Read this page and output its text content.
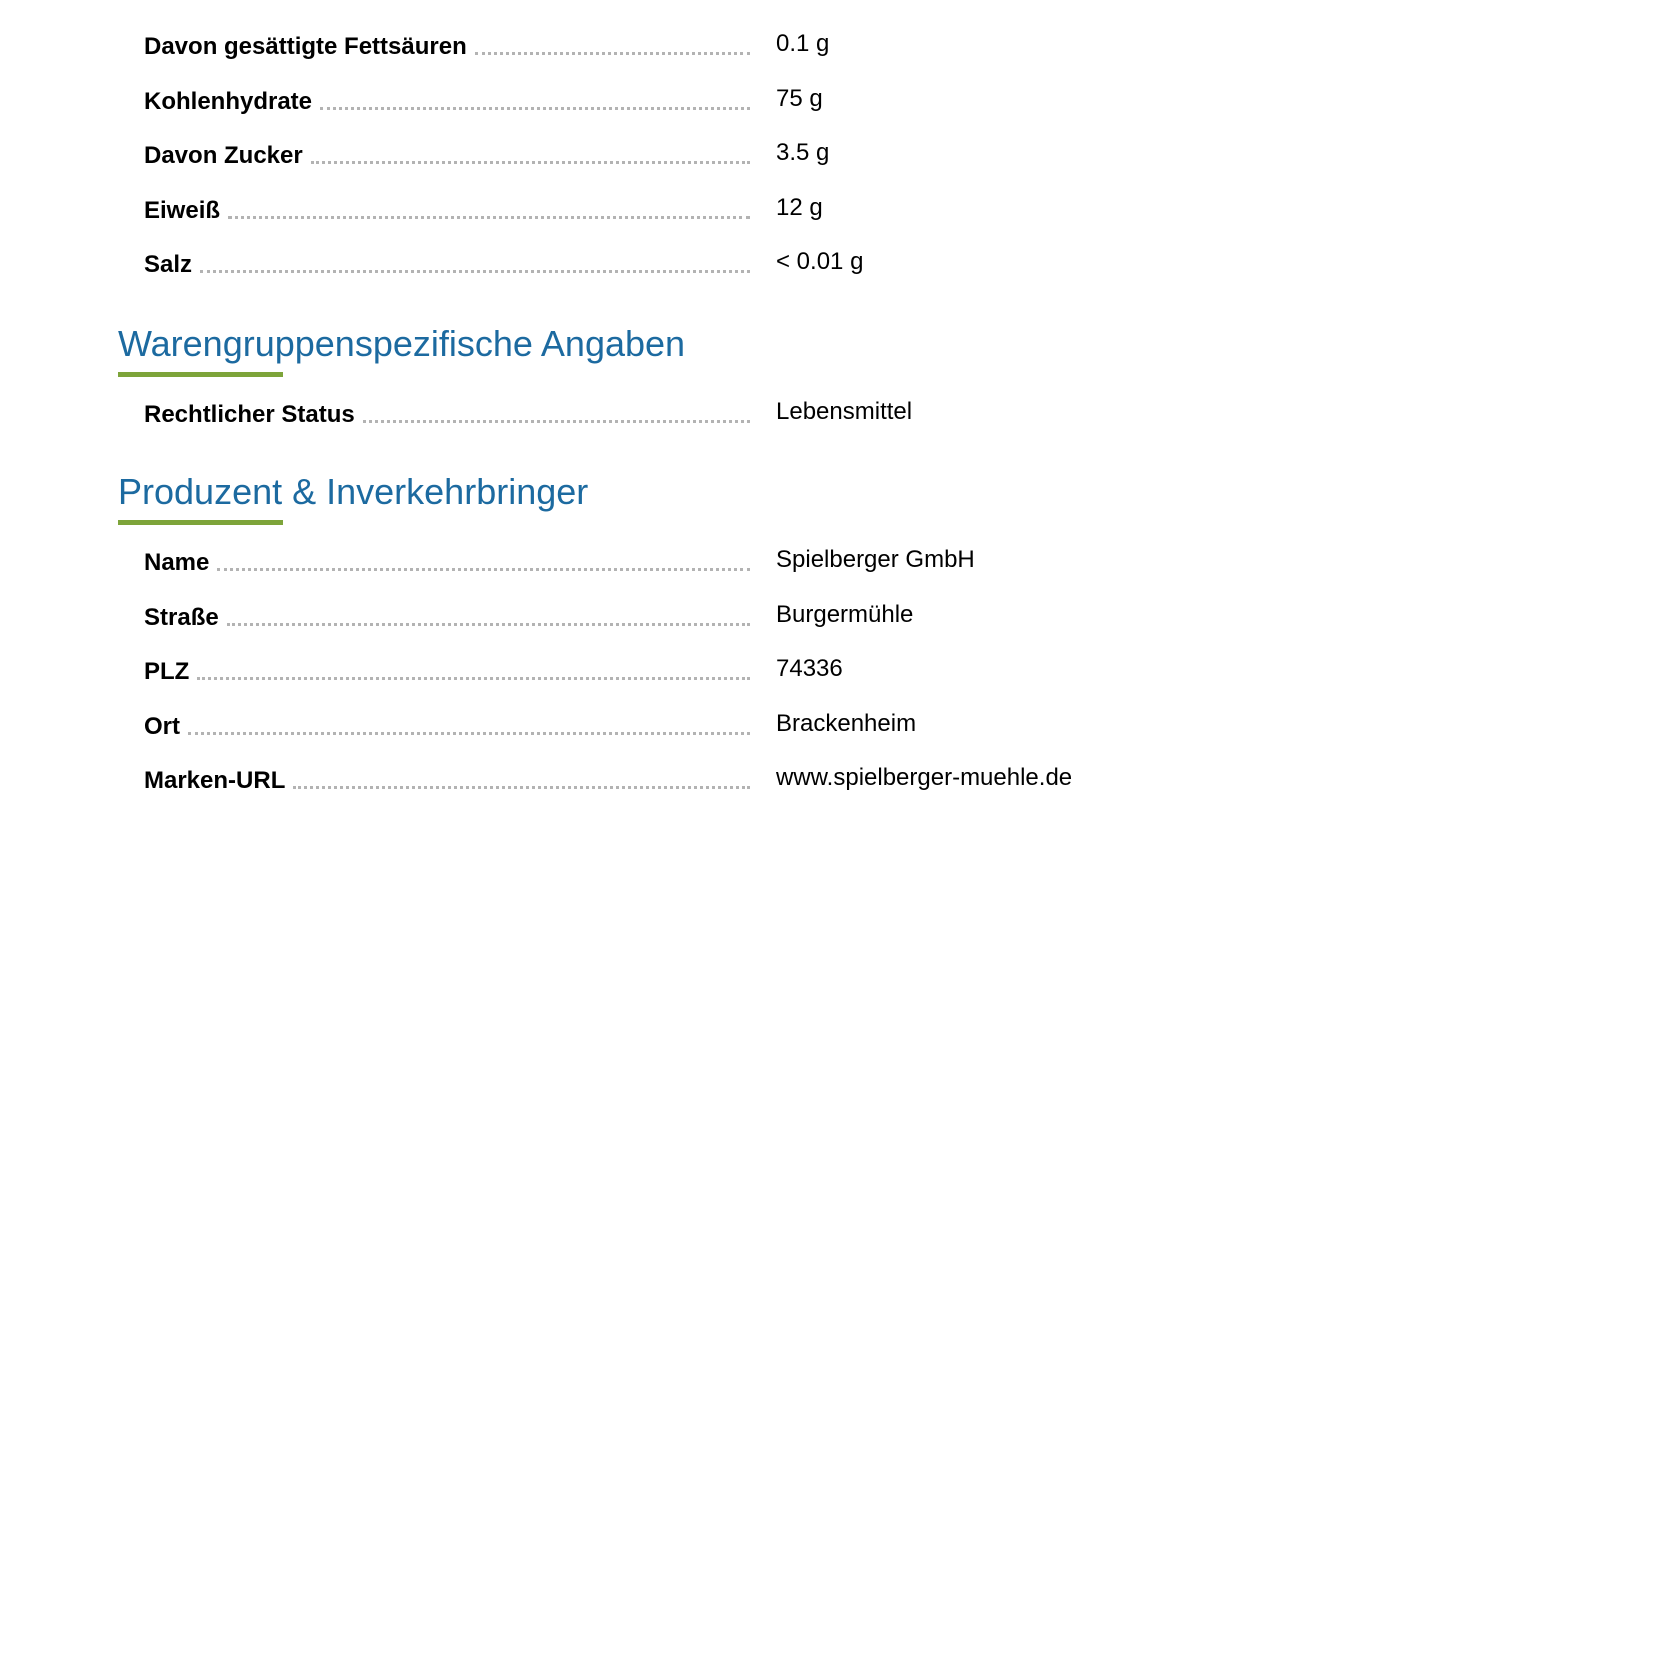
Davon gesättigte Fettsäuren	0.1 g
Kohlenhydrate	75 g
Davon Zucker	3.5 g
Eiweiß	12 g
Salz	< 0.01 g
Warengruppenspezifische Angaben
Rechtlicher Status	Lebensmittel
Produzent & Inverkehrbringer
Name	Spielberger GmbH
Straße	Burgermühle
PLZ	74336
Ort	Brackenheim
Marken-URL	www.spielberger-muehle.de
